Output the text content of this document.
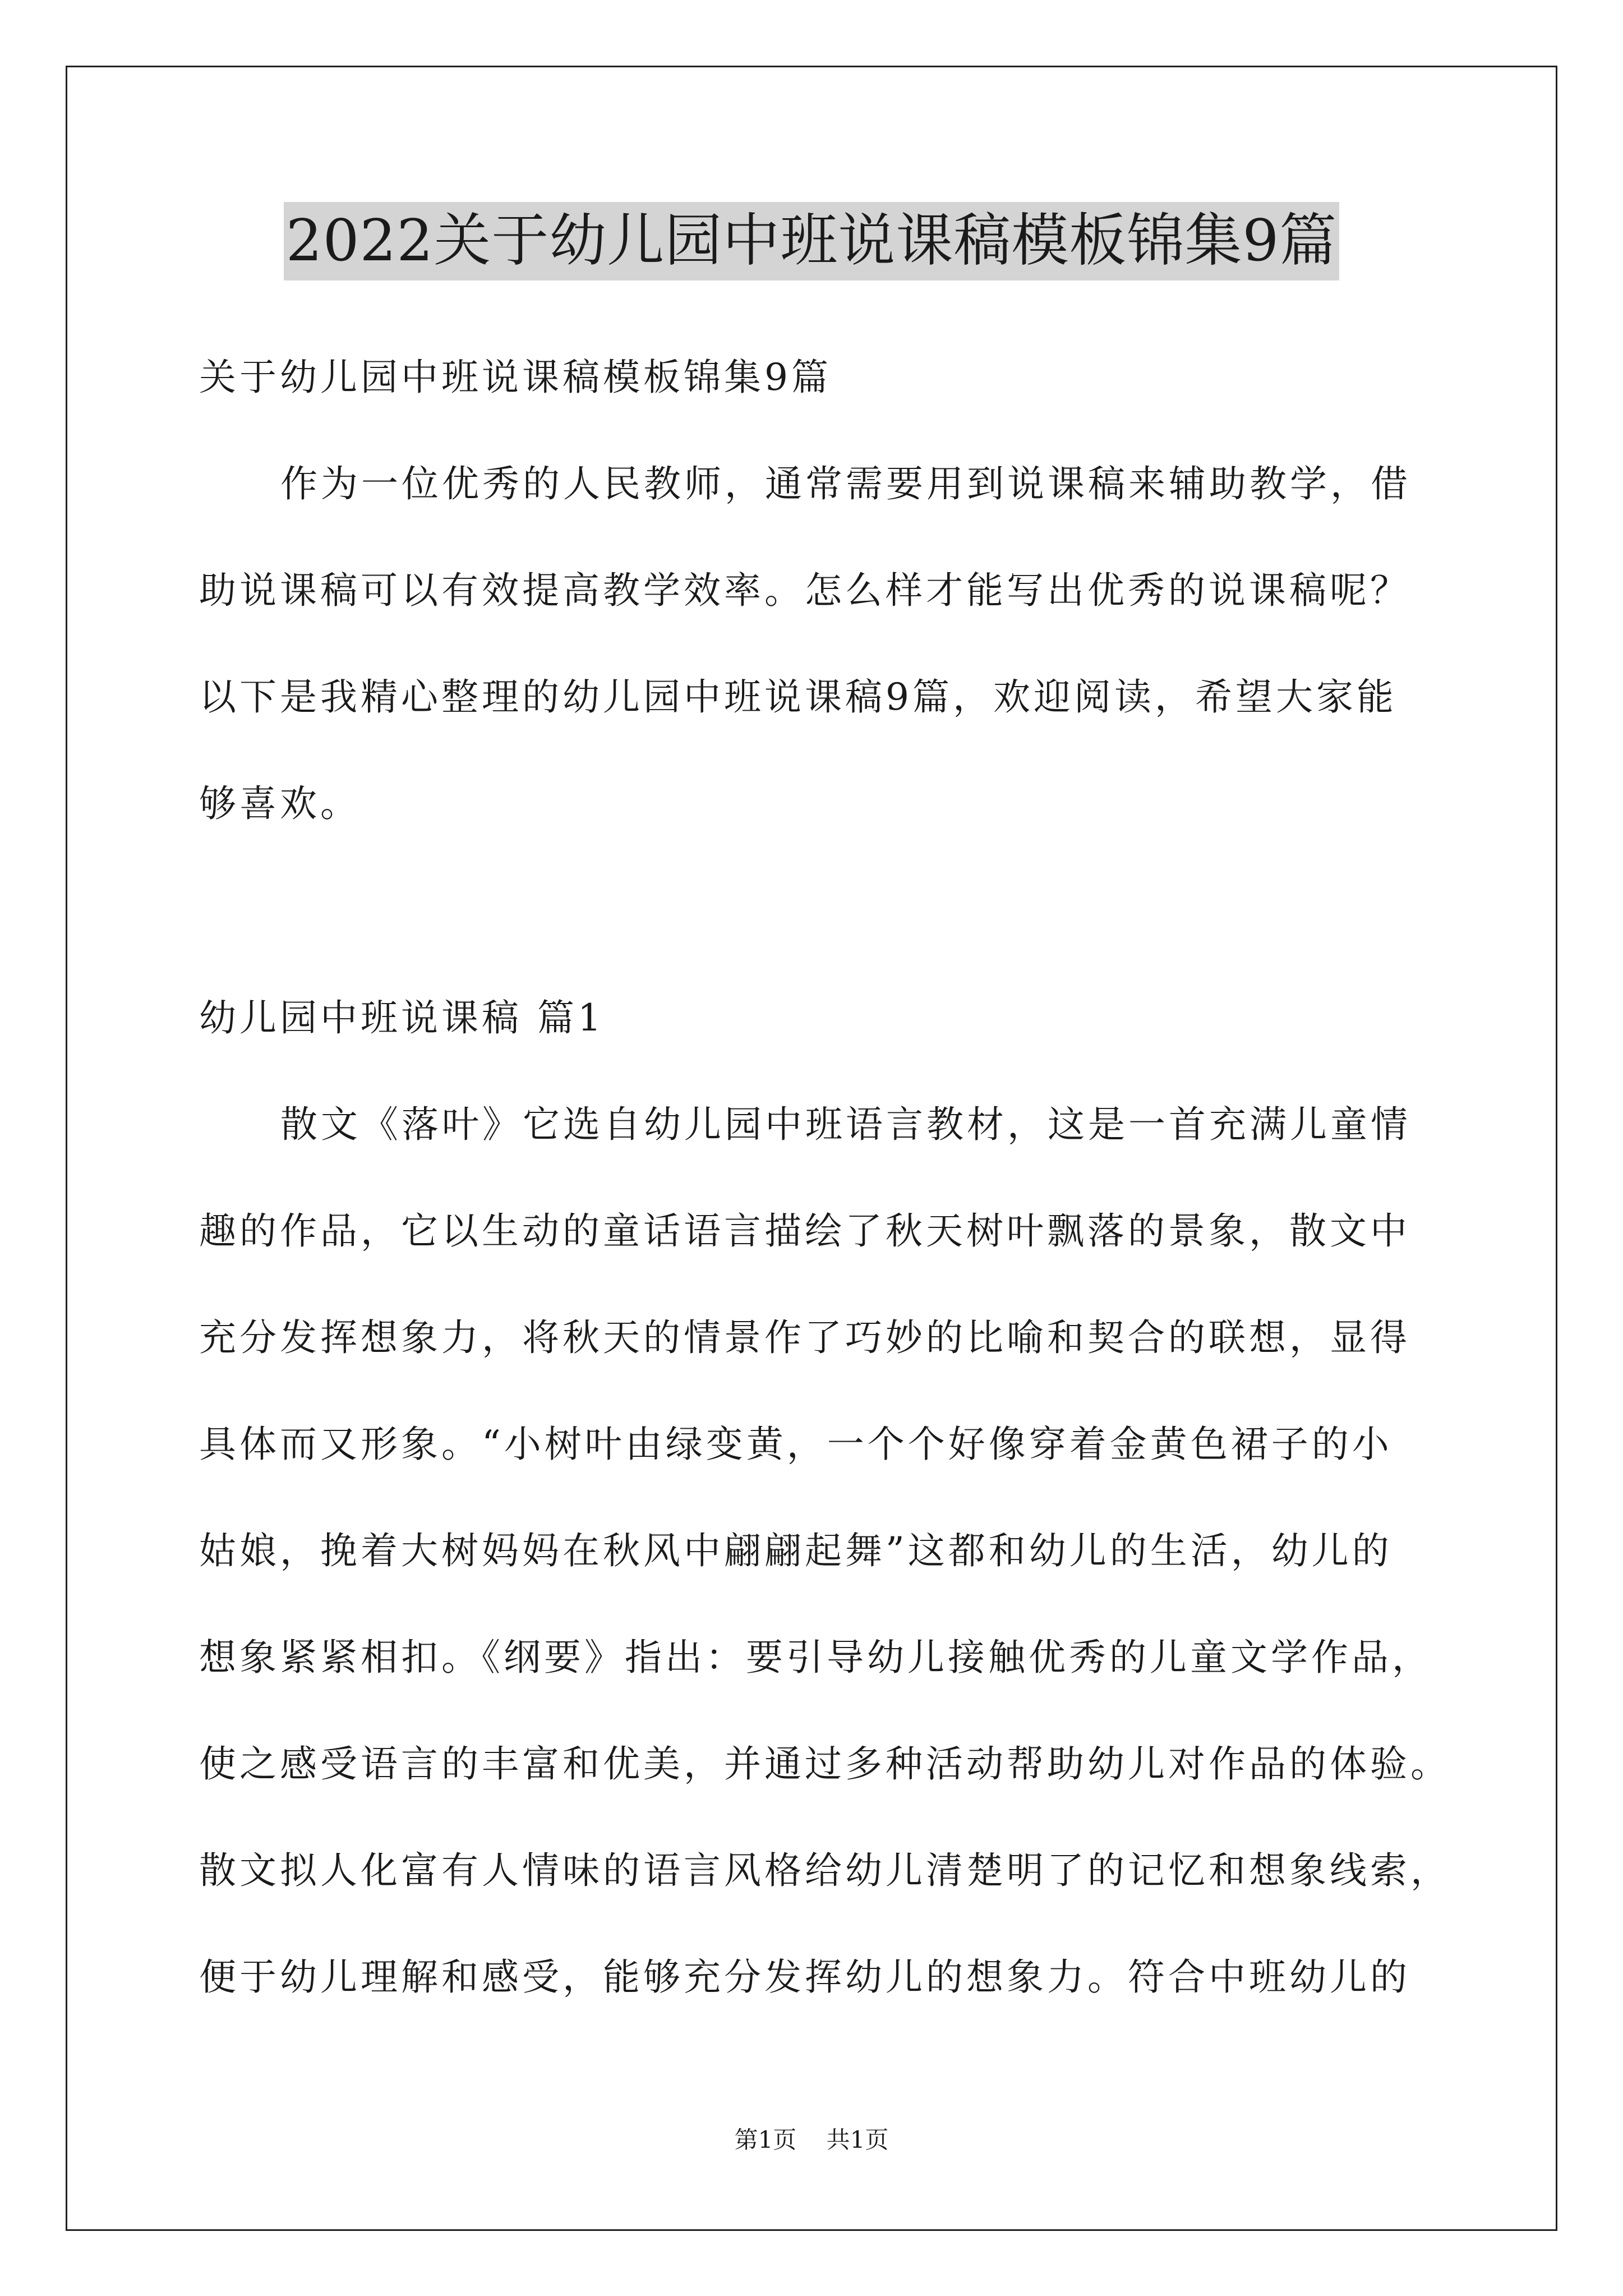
2022关于幼儿园中班说课稿模板锦集9篇
关于幼儿园中班说课稿模板锦集9篇
作为一位优秀的人民教师，通常需要用到说课稿来辅助教学，借
助说课稿可以有效提高教学效率。怎么样才能写出优秀的说课稿呢？
以下是我精心整理的幼儿园中班说课稿9篇，欢迎阅读，希望大家能
够喜欢。
幼儿园中班说课稿 篇1
散文《落叶》它选自幼儿园中班语言教材，这是一首充满儿童情
趣的作品，它以生动的童话语言描绘了秋天树叶飘落的景象，散文中
充分发挥想象力，将秋天的情景作了巧妙的比喻和契合的联想，显得
具体而又形象。“小树叶由绿变黄，一个个好像穿着金黄色裙子的小
姑娘，挽着大树妈妈在秋风中翩翩起舞”这都和幼儿的生活，幼儿的
想象紧紧相扣。《纲要》指出：要引导幼儿接触优秀的儿童文学作品，
使之感受语言的丰富和优美，并通过多种活动帮助幼儿对作品的体验。
散文拟人化富有人情味的语言风格给幼儿清楚明了的记忆和想象线索，
便于幼儿理解和感受，能够充分发挥幼儿的想象力。符合中班幼儿的
第1页 共1页
